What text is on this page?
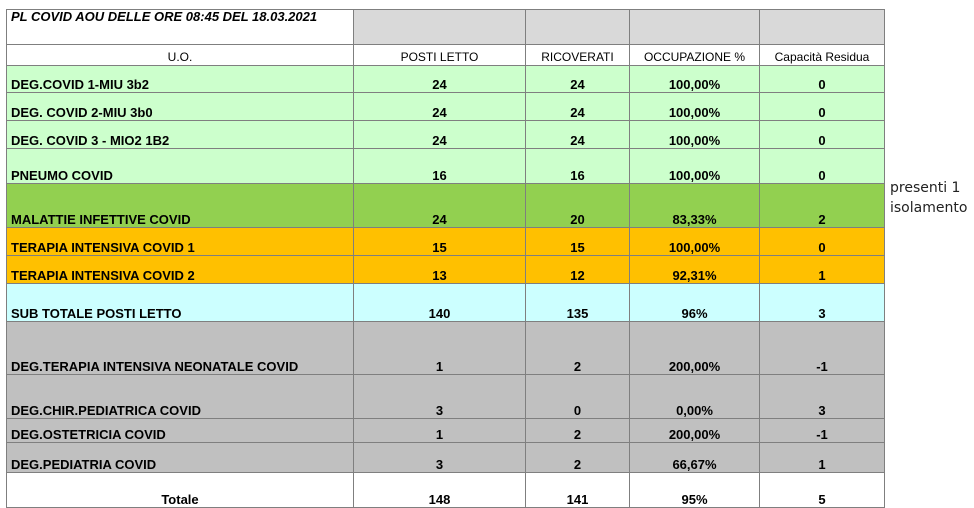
PL COVID AOU DELLE ORE 08:45 DEL 18.03.2021				
U.O.	POSTI LETTO	RICOVERATI	OCCUPAZIONE %	Capacità Residua
DEG.COVID 1-MIU 3b2	24	24	100,00%	0
DEG. COVID 2-MIU 3b0	24	24	100,00%	0
DEG. COVID 3 - MIO2 1B2	24	24	100,00%	0
PNEUMO COVID	16	16	100,00%	0
MALATTIE INFETTIVE COVID	24	20	83,33%	2
TERAPIA INTENSIVA COVID 1	15	15	100,00%	0
TERAPIA INTENSIVA COVID 2	13	12	92,31%	1
SUB TOTALE POSTI LETTO	140	135	96%	3
DEG.TERAPIA INTENSIVA NEONATALE COVID	1	2	200,00%	-1
DEG.CHIR.PEDIATRICA COVID	3	0	0,00%	3
DEG.OSTETRICIA COVID	1	2	200,00%	-1
DEG.PEDIATRIA COVID	3	2	66,67%	1
Totale	148	141	95%	5
presenti 1
isolamento
